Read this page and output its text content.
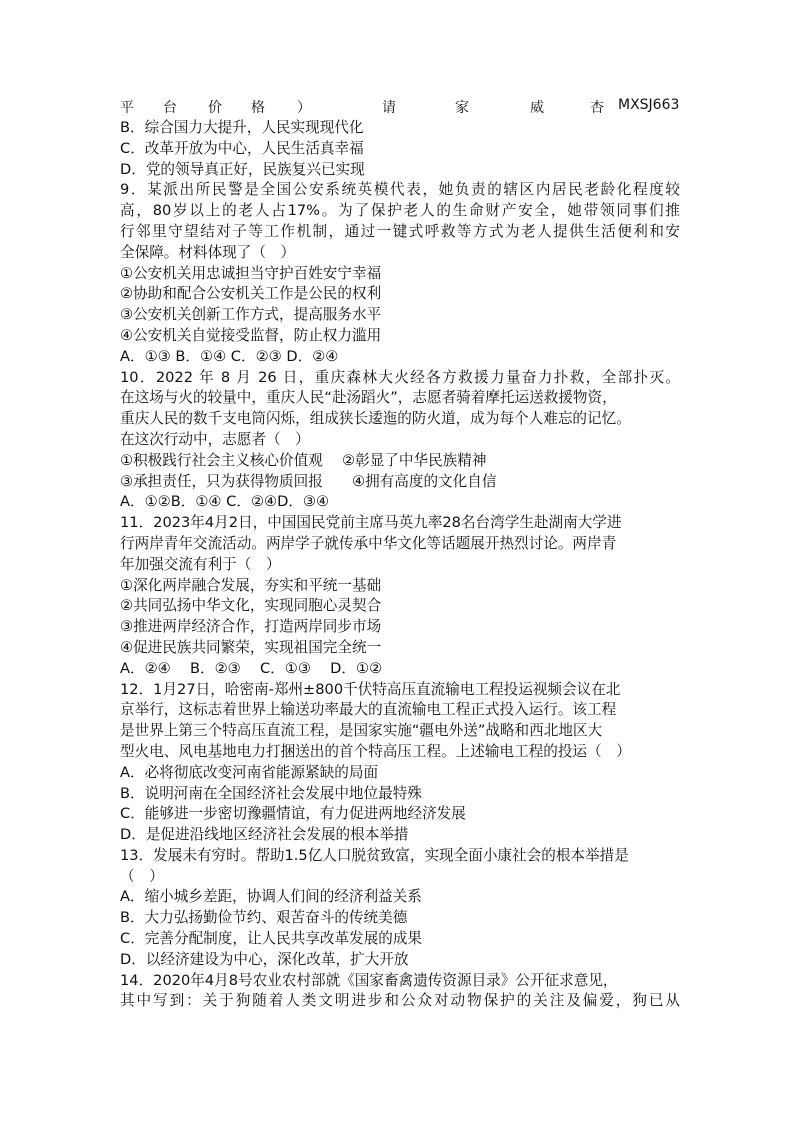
平 台 价 格 ）	请	家	威	杏 MXSJ663
B．综合国力大提升，人民实现现代化
C．改革开放为中心，人民生活真幸福
D．党的领导真正好，民族复兴已实现
9．某派出所民警是全国公安系统英模代表，她负责的辖区内居民老龄化程度较
高，80岁以上的老人占17%。为了保护老人的生命财产安全，她带领同事们推
行邻里守望结对子等工作机制，通过一键式呼救等方式为老人提供生活便利和安
全保障。材料体现了（　）
①公安机关用忠诚担当守护百姓安宁幸福
②协助和配合公安机关工作是公民的权利
③公安机关创新工作方式，提高服务水平
④公安机关自觉接受监督，防止权力滥用
A．①③ B．①④ C．②③ D．②④
10．2022 年 8 月 26 日，重庆森林大火经各方救援力量奋力扑救，全部扑灭。
在这场与火的较量中，重庆人民“赴汤蹈火”，志愿者骑着摩托运送救援物资，
重庆人民的数千支电筒闪烁，组成狭长逶迤的防火道，成为每个人难忘的记忆。
在这次行动中，志愿者（　）
①积极践行社会主义核心价值观　 ②彰显了中华民族精神
③承担责任，只为获得物质回报　　④拥有高度的文化自信
A．①②B．①④ C．②④D．③④
11．2023年4月2日，中国国民党前主席马英九率28名台湾学生赴湖南大学进
行两岸青年交流活动。两岸学子就传承中华文化等话题展开热烈讨论。两岸青
年加强交流有利于（　）
①深化两岸融合发展，夯实和平统一基础
②共同弘扬中华文化，实现同胞心灵契合
③推进两岸经济合作，打造两岸同步市场
④促进民族共同繁荣，实现祖国完全统一
A．②④　 B．②③　 C．①③　 D．①②
12．1月27日，哈密南-郑州±800千伏特高压直流输电工程投运视频会议在北
京举行，这标志着世界上输送功率最大的直流输电工程正式投入运行。该工程
是世界上第三个特高压直流工程，是国家实施“疆电外送”战略和西北地区大
型火电、风电基地电力打捆送出的首个特高压工程。上述输电工程的投运（　）
A．必将彻底改变河南省能源紧缺的局面
B．说明河南在全国经济社会发展中地位最特殊
C．能够进一步密切豫疆情谊，有力促进两地经济发展
D．是促进沿线地区经济社会发展的根本举措
13．发展未有穷时。帮助1.5亿人口脱贫致富，实现全面小康社会的根本举措是
（　）
A．缩小城乡差距，协调人们间的经济利益关系
B．大力弘扬勤俭节约、艰苦奋斗的传统美德
C．完善分配制度，让人民共享改革发展的成果
D．以经济建设为中心，深化改革，扩大开放
14．2020年4月8号农业农村部就《国家畜禽遗传资源目录》公开征求意见，
其中写到：关于狗随着人类文明进步和公众对动物保护的关注及偏爱，狗已从
